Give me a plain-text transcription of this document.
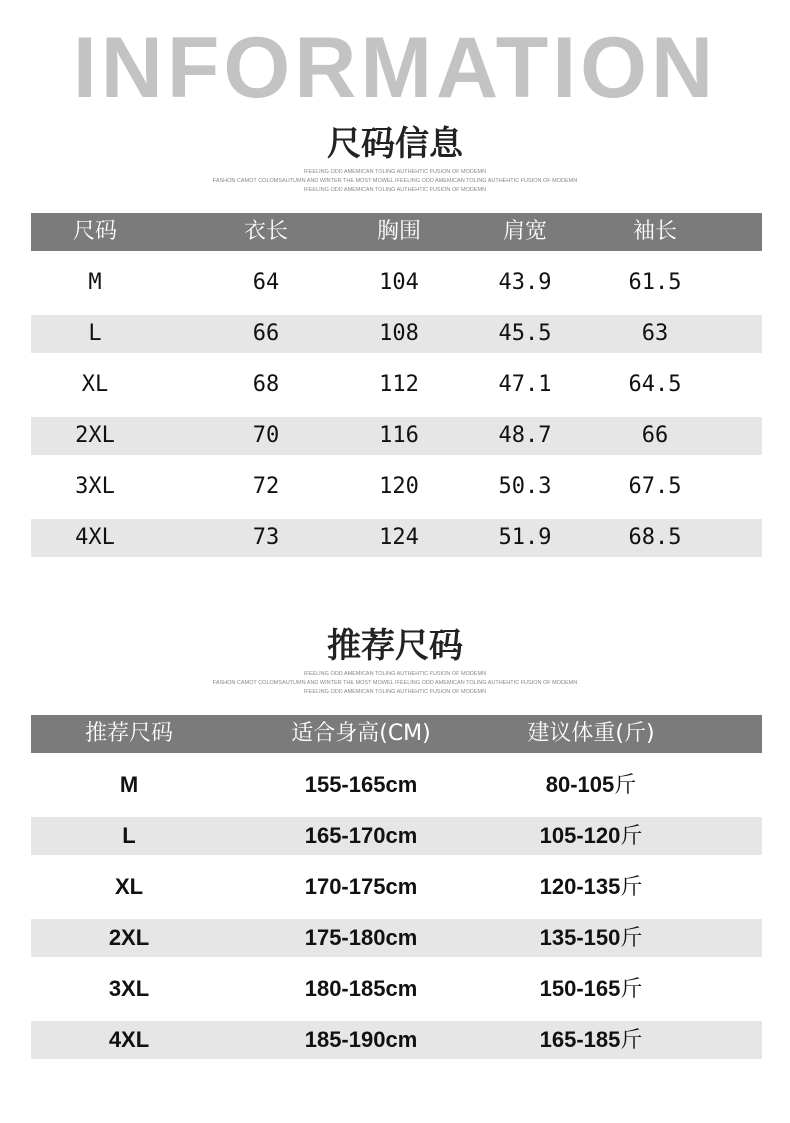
INFORMATION
尺码信息
IFEELING ODD AMEMICAN TOLING AUTHEHTIC FUSION OF MODEMN
FASHON CAMOT COLOMSAUTUMN AND WINTER THE MOST MOWEL IFEELING ODD AMEMICAN TOLING AUTHEHTIC FUSION OF MODEMN
IFEELING ODD AMEMICAN TOLING AUTHEHTIC FUSION OF MODEMN
尺码	衣长	胸围	肩宽	袖长
M	64	104	43.9	61.5
L	66	108	45.5	63
XL	68	112	47.1	64.5
2XL	70	116	48.7	66
3XL	72	120	50.3	67.5
4XL	73	124	51.9	68.5
推荐尺码
IFEELING ODD AMEMICAN TOLING AUTHEHTIC FUSION OF MODEMN
FASHON CAMOT COLOMSAUTUMN AND WINTER THE MOST MOWEL IFEELING ODD AMEMICAN TOLING AUTHEHTIC FUSION OF MODEMN
IFEELING ODD AMEMICAN TOLING AUTHEHTIC FUSION OF MODEMN
推荐尺码	适合身高(CM)	建议体重(斤)
M	155-165cm	80-105斤
L	165-170cm	105-120斤
XL	170-175cm	120-135斤
2XL	175-180cm	135-150斤
3XL	180-185cm	150-165斤
4XL	185-190cm	165-185斤
